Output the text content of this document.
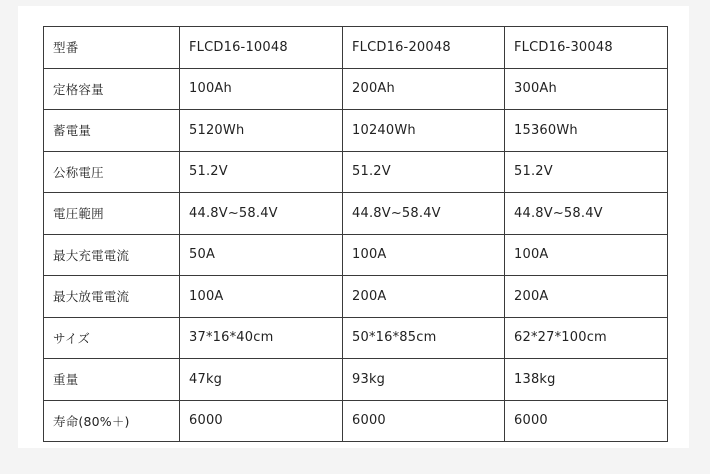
型番	FLCD16-10048	FLCD16-20048	FLCD16-30048
定格容量	100Ah	200Ah	300Ah
蓄電量	5120Wh	10240Wh	15360Wh
公称電圧	51.2V	51.2V	51.2V
電圧範囲	44.8V~58.4V	44.8V~58.4V	44.8V~58.4V
最大充電電流	50A	100A	100A
最大放電電流	100A	200A	200A
サイズ	37*16*40cm	50*16*85cm	62*27*100cm
重量	47kg	93kg	138kg
寿命(80%＋)	6000	6000	6000
